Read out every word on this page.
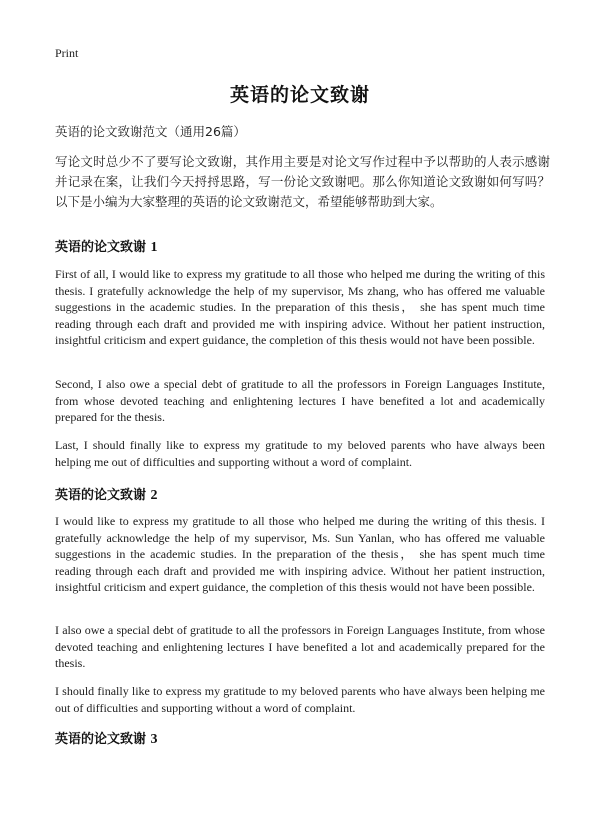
Print
英语的论文致谢
英语的论文致谢范文（通用26篇）

写论文时总少不了要写论文致谢，其作用主要是对论文写作过程中予以帮助的人表示感谢并记录在案，让我们今天捋捋思路，写一份论文致谢吧。那么你知道论文致谢如何写吗？以下是小编为大家整理的英语的论文致谢范文，希望能够帮助到大家。

英语的论文致谢 1

First of all, I would like to express my gratitude to all those who helped me during the writing of this thesis. I gratefully acknowledge the help of my supervisor, Ms zhang, who has offered me valuable suggestions in the academic studies. In the preparation of this thesis， she has spent much time reading through each draft and provided me with inspiring advice. Without her patient instruction, insightful criticism and expert guidance, the completion of this thesis would not have been possible.

Second, I also owe a special debt of gratitude to all the professors in Foreign Languages Institute, from whose devoted teaching and enlightening lectures I have benefited a lot and academically prepared for the thesis.

Last, I should finally like to express my gratitude to my beloved parents who have always been helping me out of difficulties and supporting without a word of complaint.

英语的论文致谢 2

I would like to express my gratitude to all those who helped me during the writing of this thesis. I gratefully acknowledge the help of my supervisor, Ms. Sun Yanlan, who has offered me valuable suggestions in the academic studies. In the preparation of the thesis， she has spent much time reading through each draft and provided me with inspiring advice. Without her patient instruction, insightful criticism and expert guidance, the completion of this thesis would not have been possible.

I also owe a special debt of gratitude to all the professors in Foreign Languages Institute, from whose devoted teaching and enlightening lectures I have benefited a lot and academically prepared for the thesis.

I should finally like to express my gratitude to my beloved parents who have always been helping me out of difficulties and supporting without a word of complaint.

英语的论文致谢 3
